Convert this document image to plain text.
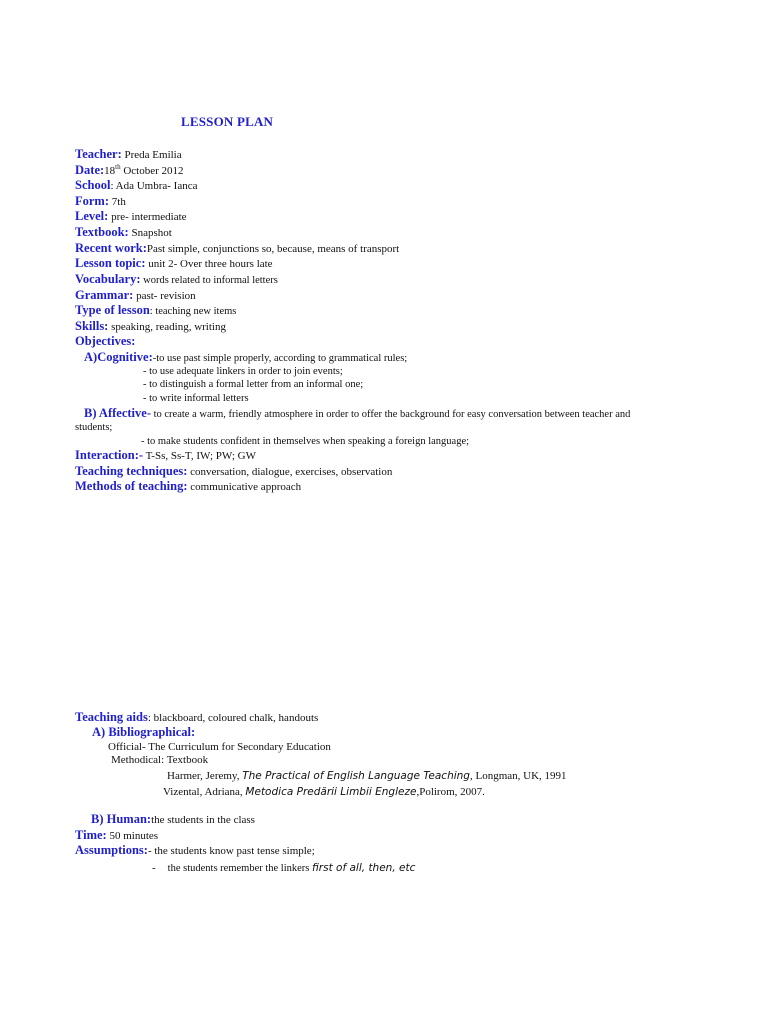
LESSON PLAN
Teacher: Preda Emilia
Date:18th October 2012
School: Ada Umbra- Ianca
Form: 7th
Level: pre- intermediate
Textbook: Snapshot
Recent work:Past simple, conjunctions so, because, means of transport
Lesson topic: unit 2- Over three hours late
Vocabulary: words related to informal letters
Grammar: past- revision
Type of lesson: teaching new items
Skills: speaking, reading, writing
Objectives:
A)Cognitive:-to use past simple properly, according to grammatical rules;
- to use adequate linkers in order to join events;
- to distinguish a formal letter from an informal one;
- to write informal letters
B) Affective- to create a warm, friendly atmosphere in order to offer the background for easy conversation between teacher and
students;
- to make students confident in themselves when speaking a foreign language;
Interaction:- T-Ss, Ss-T, IW; PW; GW
Teaching techniques: conversation, dialogue, exercises, observation
Methods of teaching: communicative approach
Teaching aids: blackboard, coloured chalk, handouts
A) Bibliographical:
Official- The Curriculum for Secondary Education
Methodical: Textbook
Harmer, Jeremy, The Practical of English Language Teaching, Longman, UK, 1991
Vizental, Adriana, Metodica Predării Limbii Engleze,Polirom, 2007.
B) Human:the students in the class
Time: 50 minutes
Assumptions:- the students know past tense simple;
- the students remember the linkers first of all, then, etc
